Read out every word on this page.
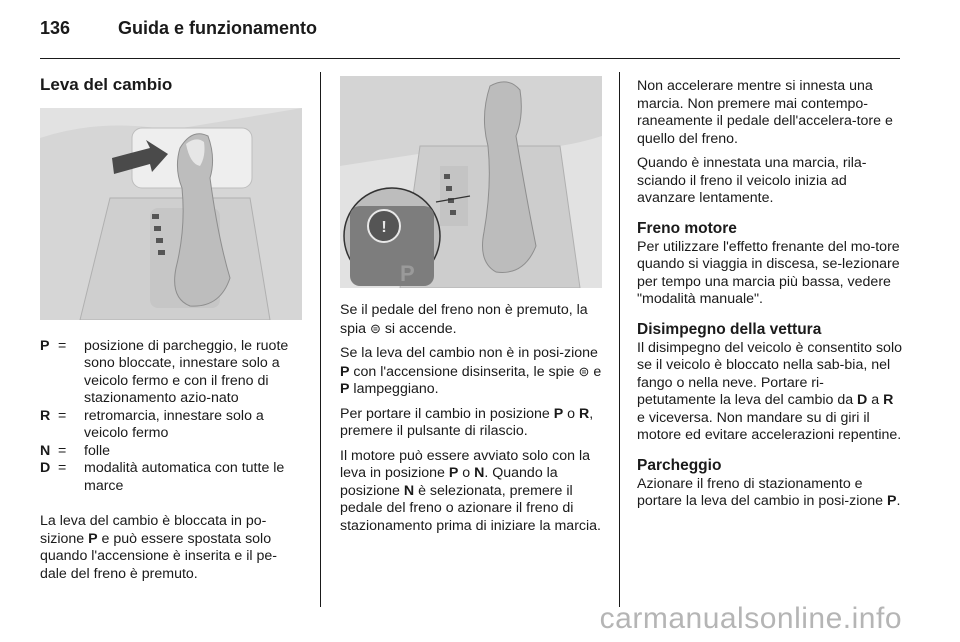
136	Guida e funzionamento
Leva del cambio
P =	posizione di parcheggio, le ruote sono bloccate, innestare solo a veicolo fermo e con il freno di stazionamento azio-nato
R =	retromarcia, innestare solo a veicolo fermo
N =	folle
D =	modalità automatica con tutte le marce

La leva del cambio è bloccata in po-sizione P e può essere spostata solo quando l'accensione è inserita e il pe-dale del freno è premuto.

!
P

Se il pedale del freno non è premuto, la spia ⊜ si accende.

Se la leva del cambio non è in posi-zione P con l'accensione disinserita, le spie ⊜ e P lampeggiano.

Per portare il cambio in posizione P o R, premere il pulsante di rilascio.

Il motore può essere avviato solo con la leva in posizione P o N. Quando la posizione N è selezionata, premere il pedale del freno o azionare il freno di stazionamento prima di iniziare la marcia.

Non accelerare mentre si innesta una marcia. Non premere mai contempo-raneamente il pedale dell'accelera-tore e quello del freno.

Quando è innestata una marcia, rila-sciando il freno il veicolo inizia ad avanzare lentamente.

Freno motore

Per utilizzare l'effetto frenante del mo-tore quando si viaggia in discesa, se-lezionare per tempo una marcia più bassa, vedere "modalità manuale".

Disimpegno della vettura

Il disimpegno del veicolo è consentito solo se il veicolo è bloccato nella sab-bia, nel fango o nella neve. Portare ri-petutamente la leva del cambio da D a R e viceversa. Non mandare su di giri il motore ed evitare accelerazioni repentine.

Parcheggio

Azionare il freno di stazionamento e portare la leva del cambio in posi-zione P.

carmanualsonline.info
